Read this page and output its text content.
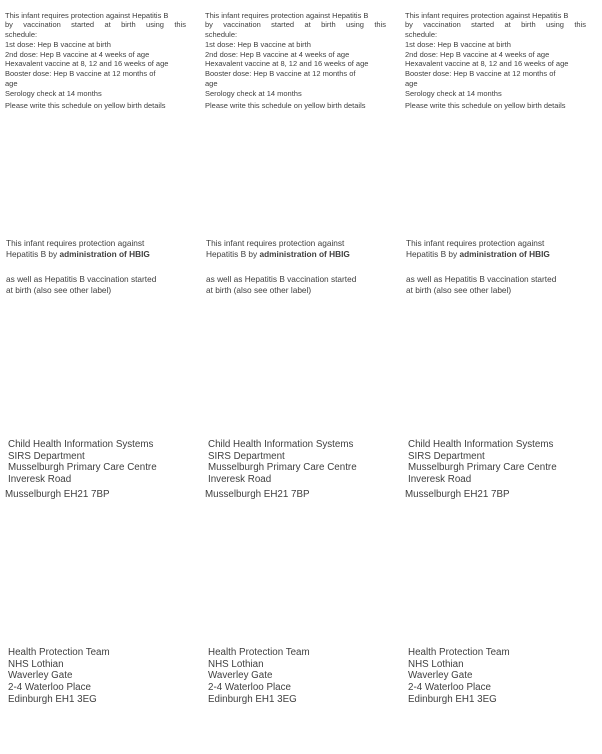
This infant requires protection against Hepatitis B
by vaccination started at birth using this
schedule:
1st dose: Hep B vaccine at birth
2nd dose: Hep B vaccine at 4 weeks of age
Hexavalent vaccine at 8, 12 and 16 weeks of age
Booster dose: Hep B vaccine at 12 months of
age
Serology check at 14 months
Please write this schedule on yellow birth details
This infant requires protection against Hepatitis B
by vaccination started at birth using this
schedule:
1st dose: Hep B vaccine at birth
2nd dose: Hep B vaccine at 4 weeks of age
Hexavalent vaccine at 8, 12 and 16 weeks of age
Booster dose: Hep B vaccine at 12 months of
age
Serology check at 14 months
Please write this schedule on yellow birth details
This infant requires protection against Hepatitis B
by vaccination started at birth using this
schedule:
1st dose: Hep B vaccine at birth
2nd dose: Hep B vaccine at 4 weeks of age
Hexavalent vaccine at 8, 12 and 16 weeks of age
Booster dose: Hep B vaccine at 12 months of
age
Serology check at 14 months
Please write this schedule on yellow birth details
This infant requires protection against
Hepatitis B by administration of HBIG
as well as Hepatitis B vaccination started
at birth (also see other label)
This infant requires protection against
Hepatitis B by administration of HBIG
as well as Hepatitis B vaccination started
at birth (also see other label)
This infant requires protection against
Hepatitis B by administration of HBIG
as well as Hepatitis B vaccination started
at birth (also see other label)
Child Health Information Systems
SIRS Department
Musselburgh Primary Care Centre
Inveresk Road
Musselburgh EH21 7BP
Child Health Information Systems
SIRS Department
Musselburgh Primary Care Centre
Inveresk Road
Musselburgh EH21 7BP
Child Health Information Systems
SIRS Department
Musselburgh Primary Care Centre
Inveresk Road
Musselburgh EH21 7BP
Health Protection Team
NHS Lothian
Waverley Gate
2-4 Waterloo Place
Edinburgh EH1 3EG
Health Protection Team
NHS Lothian
Waverley Gate
2-4 Waterloo Place
Edinburgh EH1 3EG
Health Protection Team
NHS Lothian
Waverley Gate
2-4 Waterloo Place
Edinburgh EH1 3EG
